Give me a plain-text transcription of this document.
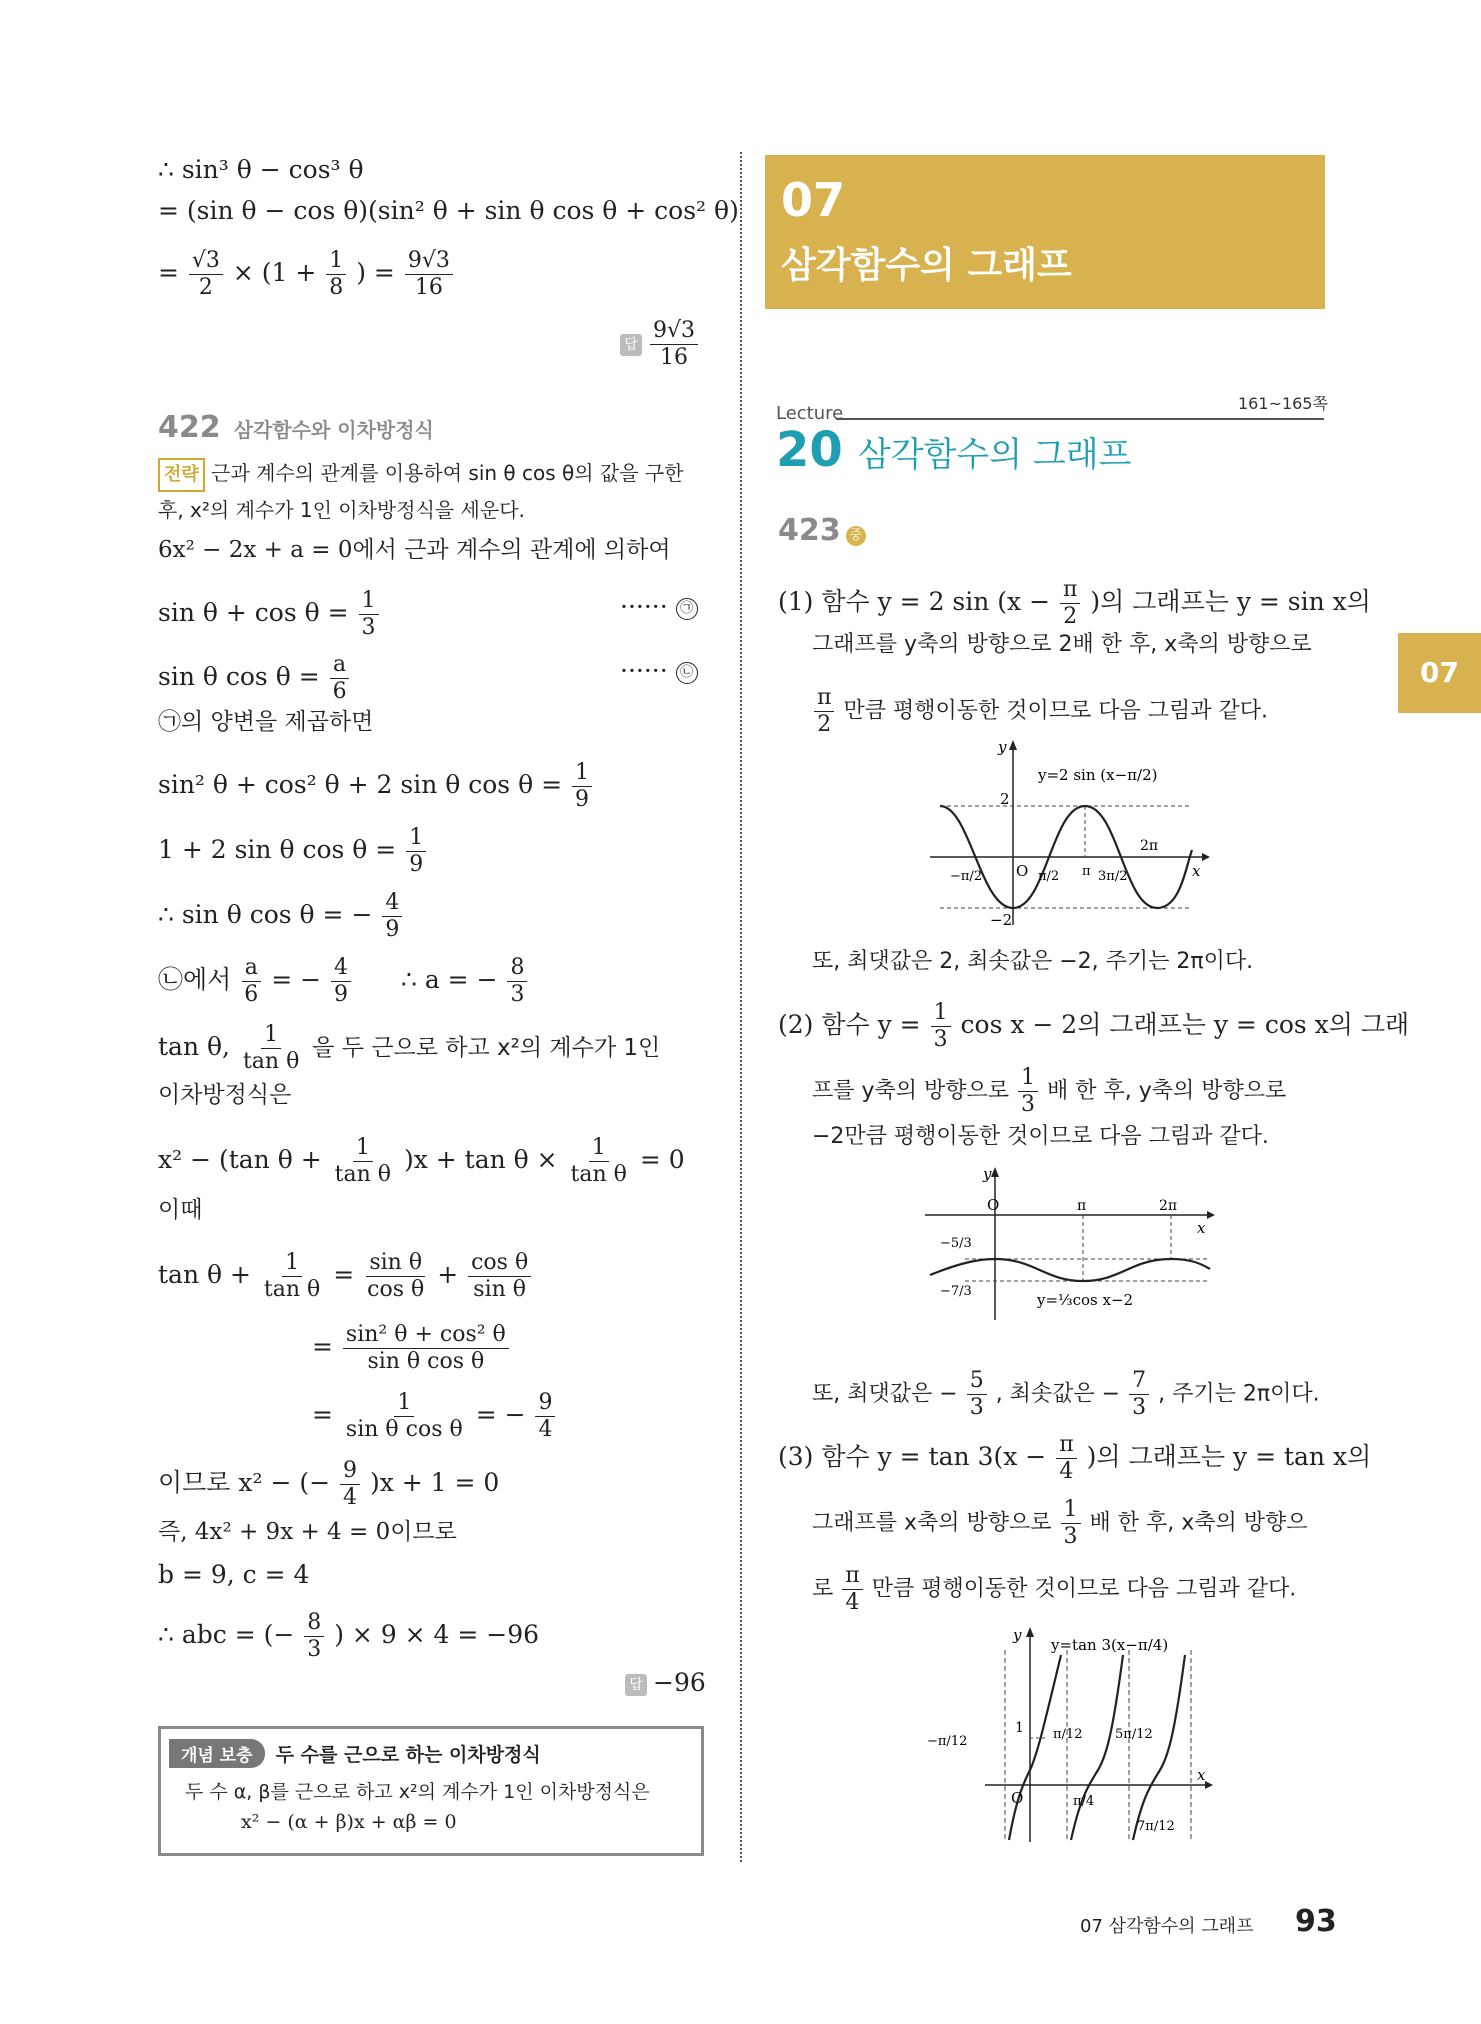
∴ sin³ θ − cos³ θ
= (sin θ − cos θ)(sin² θ + sin θ cos θ + cos² θ)
= $\frac{√3}{2} \times (1 + \frac{1}{8}$ ) = $\frac{9√3}{16}$
답 $\frac{9√3}{16}$
422 삼각함수와 이차방정식
전략 근과 계수의 관계를 이용하여 sin θ cos θ의 값을 구한
후, x²의 계수가 1인 이차방정식을 세운다.
6x² − 2x + a = 0에서 근과 계수의 관계에 의하여
$\sin \theta + \cos \theta = \frac{1}{3}$	······ ㉠
sin θ $\cos \theta = \frac{a}{6}$	······ ㉡
㉠의 양변을 제곱하면
sin² θ + cos² θ + 2 sin θ $\cos \theta = \frac{1}{9}$
1 + 2 sin θ $\cos \theta = \frac{1}{9}$
∴ sin θ cos θ = − $\frac{4}{9}$
㉡에서 $\frac{a}{6}$ = − $\frac{4}{9}$ ∴ a = − $\frac{8}{3}$
tan θ, $\frac{1}{\text{tan θ}}$ 을 두 근으로 하고 x²의 계수가 1인
이차방정식은
x² − (tan $\theta + \frac{1}{\text{tan θ}} )x + \tan \theta \times \frac{1}{\text{tan θ}} = 0$
이때
$\tan \theta + \frac{1}{\text{tan θ}} = \frac{\text{sin θ}}{\text{cos θ}} + \frac{\text{cos θ}}{\text{sin θ}}$
= $\frac{\text{sin² θ + cos² θ}}{\text{sin θ cos θ}}$
= $\frac{1}{\text{sin θ cos θ}}$ = − $\frac{9}{4}$
이므로 x² − (− $\frac{9}{4} )x + 1 = 0$
즉, 4x² + 9x + 4 = 0이므로
b = 9, c = 4
∴ abc = (− $\frac{8}{3}$ ) × 9 × 4 = −96
답 −96
개념 보충 두 수를 근으로 하는 이차방정식
두 수 α, β를 근으로 하고 x²의 계수가 1인 이차방정식은
x² − (α + β)x + αβ = 0
07
삼각함수의 그래프
07
Lecture	161~165쪽
20 삼각함수의 그래프
423 중
(1) 함수 y = 2 $\sin (x - \frac{\pi}{2}$ )의 그래프는 y = sin x의
그래프를 y축의 방향으로 2배 한 후, x축의 방향으로
$\frac{\pi}{2}$ 만큼 평행이동한 것이므로 다음 그림과 같다.
y
x
O
2
−2
2π
−π/2	π/2 π 3π/2
y=2 sin (x−π/2)
또, 최댓값은 2, 최솟값은 −2, 주기는 2π이다.
(2) 함수 $y = \frac{1}{3}$ cos x − 2의 그래프는 y = cos x의 그래
프를 y축의 방향으로 $\frac{1}{3}$ 배 한 후, y축의 방향으로
−2만큼 평행이동한 것이므로 다음 그림과 같다.
y
x
O	π	2π
−5/3
−7/3	y=⅓cos x−2
또, 최댓값은 − $\frac{5}{3}$ , 최솟값은 − $\frac{7}{3}$ , 주기는 2π이다.
(3) 함수 $y = \tan 3(x - \frac{\pi}{4}$ )의 그래프는 y = tan x의
그래프를 x축의 방향으로 $\frac{1}{3}$ 배 한 후, x축의 방향으
로 $\frac{\pi}{4}$ 만큼 평행이동한 것이므로 다음 그림과 같다.
y
x
O
1
−π/12	π/12
π/4
5π/12
7π/12
y=tan 3(x−π/4)
07 삼각함수의 그래프 93
